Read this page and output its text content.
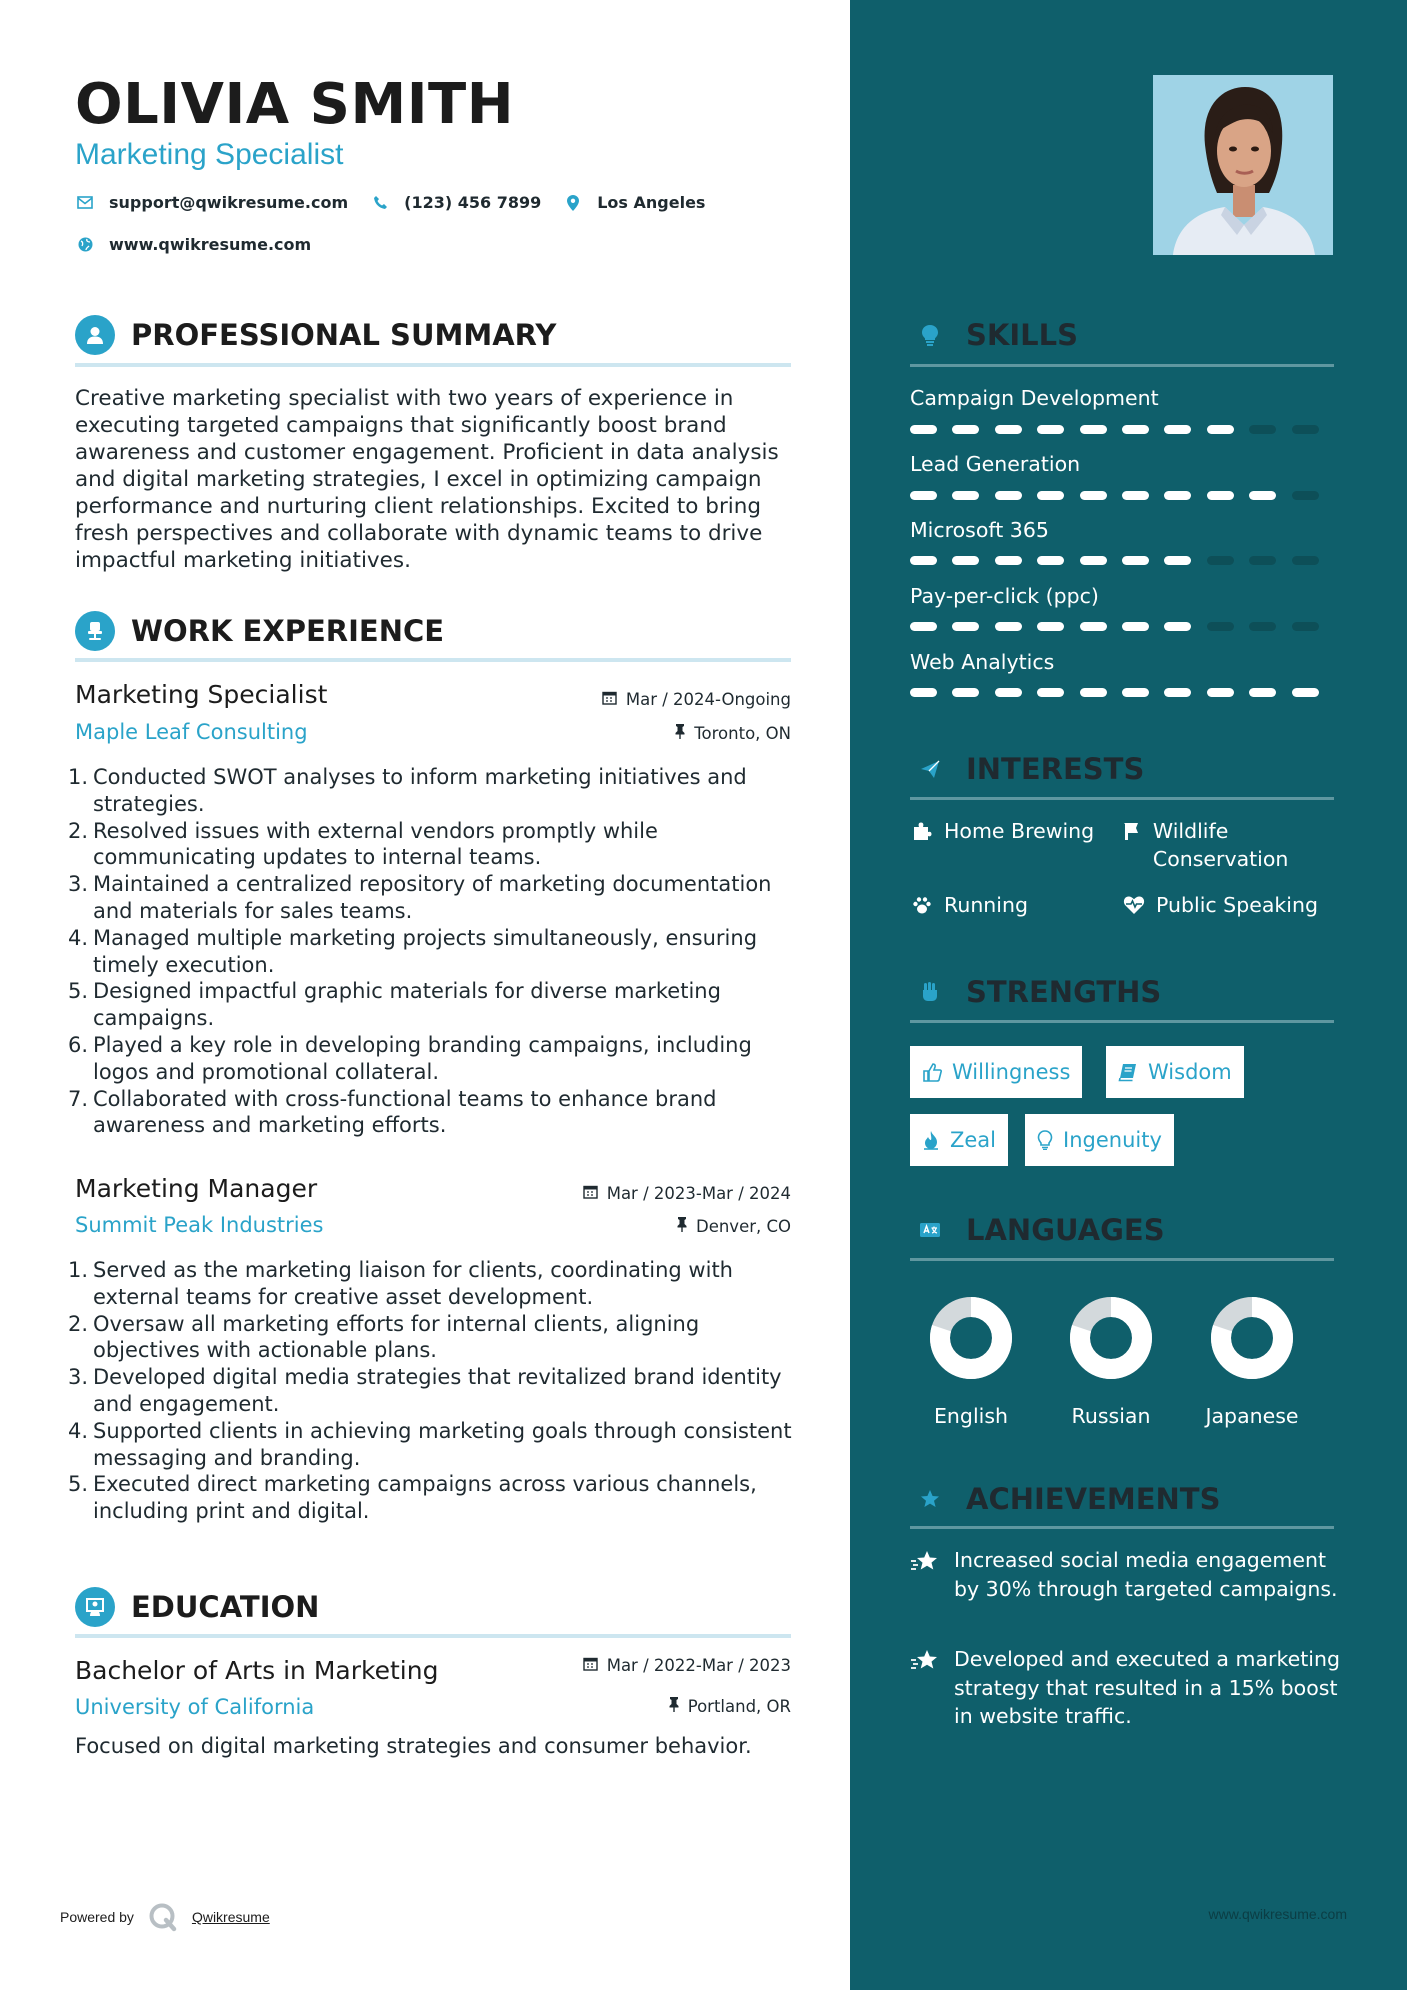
OLIVIA SMITH
Marketing Specialist
support@qwikresume.com	(123) 456 7899	Los Angeles
www.qwikresume.com
PROFESSIONAL SUMMARY
Creative marketing specialist with two years of experience in executing targeted campaigns that significantly boost brand awareness and customer engagement. Proficient in data analysis and digital marketing strategies, I excel in optimizing campaign performance and nurturing client relationships. Excited to bring fresh perspectives and collaborate with dynamic teams to drive impactful marketing initiatives.
WORK EXPERIENCE
Marketing Specialist	Mar / 2024-Ongoing
Maple Leaf Consulting	Toronto, ON
Conducted SWOT analyses to inform marketing initiatives and strategies.
Resolved issues with external vendors promptly while communicating updates to internal teams.
Maintained a centralized repository of marketing documentation and materials for sales teams.
Managed multiple marketing projects simultaneously, ensuring timely execution.
Designed impactful graphic materials for diverse marketing campaigns.
Played a key role in developing branding campaigns, including logos and promotional collateral.
Collaborated with cross-functional teams to enhance brand awareness and marketing efforts.
Marketing Manager	Mar / 2023-Mar / 2024
Summit Peak Industries	Denver, CO
Served as the marketing liaison for clients, coordinating with external teams for creative asset development.
Oversaw all marketing efforts for internal clients, aligning objectives with actionable plans.
Developed digital media strategies that revitalized brand identity and engagement.
Supported clients in achieving marketing goals through consistent messaging and branding.
Executed direct marketing campaigns across various channels, including print and digital.
EDUCATION
Bachelor of Arts in Marketing	Mar / 2022-Mar / 2023
University of California	Portland, OR
Focused on digital marketing strategies and consumer behavior.
Powered by	Qwikresume
SKILLS
Campaign Development
Lead Generation
Microsoft 365
Pay-per-click (ppc)
Web Analytics
INTERESTS
Home Brewing	Wildlife Conservation
Running	Public Speaking
STRENGTHS
Willingness	Wisdom
Zeal	Ingenuity
LANGUAGES
English	Russian	Japanese
ACHIEVEMENTS
Increased social media engagement by 30% through targeted campaigns.
Developed and executed a marketing strategy that resulted in a 15% boost in website traffic.
www.qwikresume.com
